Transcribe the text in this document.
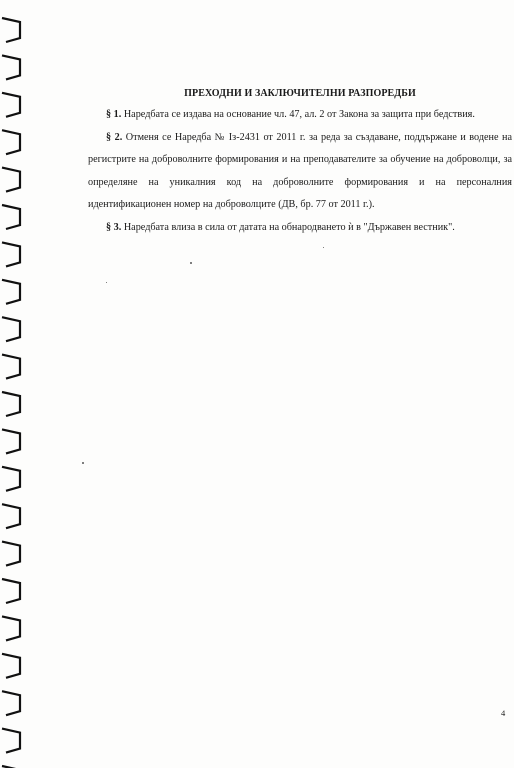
ПРЕХОДНИ И ЗАКЛЮЧИТЕЛНИ РАЗПОРЕДБИ

§ 1. Наредбата се издава на основание чл. 47, ал. 2 от Закона за защита при бедствия.

§ 2. Отменя се Наредба № Із-2431 от 2011 г. за реда за създаване, поддържане и водене на регистрите на доброволните формирования и на преподавателите за обучение на доброволци, за определяне на уникалния код на доброволните формирования и на персоналния идентификационен номер на доброволците (ДВ, бр. 77 от 2011 г.).

§ 3. Наредбата влиза в сила от датата на обнародването ѝ в "Държавен вестник".

4
